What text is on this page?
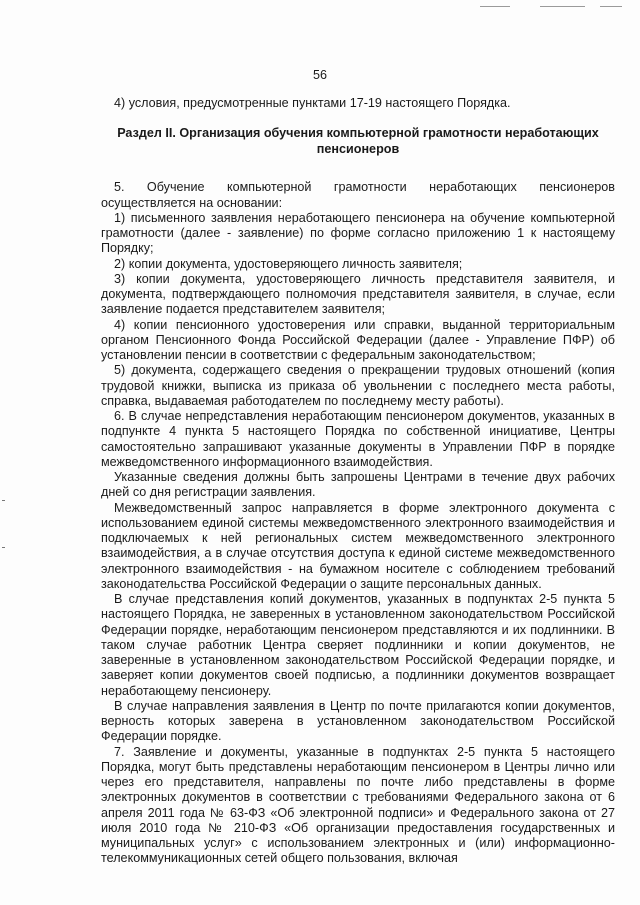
56
4) условия, предусмотренные пунктами 17-19 настоящего Порядка.
Раздел II. Организация обучения компьютерной грамотности неработающих пенсионеров

5. Обучение компьютерной грамотности неработающих пенсионеров осуществляется на основании:

1) письменного заявления неработающего пенсионера на обучение компьютерной грамотности (далее - заявление) по форме согласно приложению 1 к настоящему Порядку;

2) копии документа, удостоверяющего личность заявителя;

3) копии документа, удостоверяющего личность представителя заявителя, и документа, подтверждающего полномочия представителя заявителя, в случае, если заявление подается представителем заявителя;

4) копии пенсионного удостоверения или справки, выданной территориальным органом Пенсионного Фонда Российской Федерации (далее - Управление ПФР) об установлении пенсии в соответствии с федеральным законодательством;

5) документа, содержащего сведения о прекращении трудовых отношений (копия трудовой книжки, выписка из приказа об увольнении с последнего места работы, справка, выдаваемая работодателем по последнему месту работы).

6. В случае непредставления неработающим пенсионером документов, указанных в подпункте 4 пункта 5 настоящего Порядка по собственной инициативе, Центры самостоятельно запрашивают указанные документы в Управлении ПФР в порядке межведомственного информационного взаимодействия.

Указанные сведения должны быть запрошены Центрами в течение двух рабочих дней со дня регистрации заявления.

Межведомственный запрос направляется в форме электронного документа с использованием единой системы межведомственного электронного взаимодействия и подключаемых к ней региональных систем межведомственного электронного взаимодействия, а в случае отсутствия доступа к единой системе межведомственного электронного взаимодействия - на бумажном носителе с соблюдением требований законодательства Российской Федерации о защите персональных данных.

В случае представления копий документов, указанных в подпунктах 2-5 пункта 5 настоящего Порядка, не заверенных в установленном законодательством Российской Федерации порядке, неработающим пенсионером представляются и их подлинники. В таком случае работник Центра сверяет подлинники и копии документов, не заверенные в установленном законодательством Российской Федерации порядке, и заверяет копии документов своей подписью, а подлинники документов возвращает неработающему пенсионеру.

В случае направления заявления в Центр по почте прилагаются копии документов, верность которых заверена в установленном законодательством Российской Федерации порядке.

7. Заявление и документы, указанные в подпунктах 2-5 пункта 5 настоящего Порядка, могут быть представлены неработающим пенсионером в Центры лично или через его представителя, направлены по почте либо представлены в форме электронных документов в соответствии с требованиями Федерального закона от 6 апреля 2011 года № 63-ФЗ «Об электронной подписи» и Федерального закона от 27 июля 2010 года № 210-ФЗ «Об организации предоставления государственных и муниципальных услуг» с использованием электронных и (или) информационно-телекоммуникационных сетей общего пользования, включая
